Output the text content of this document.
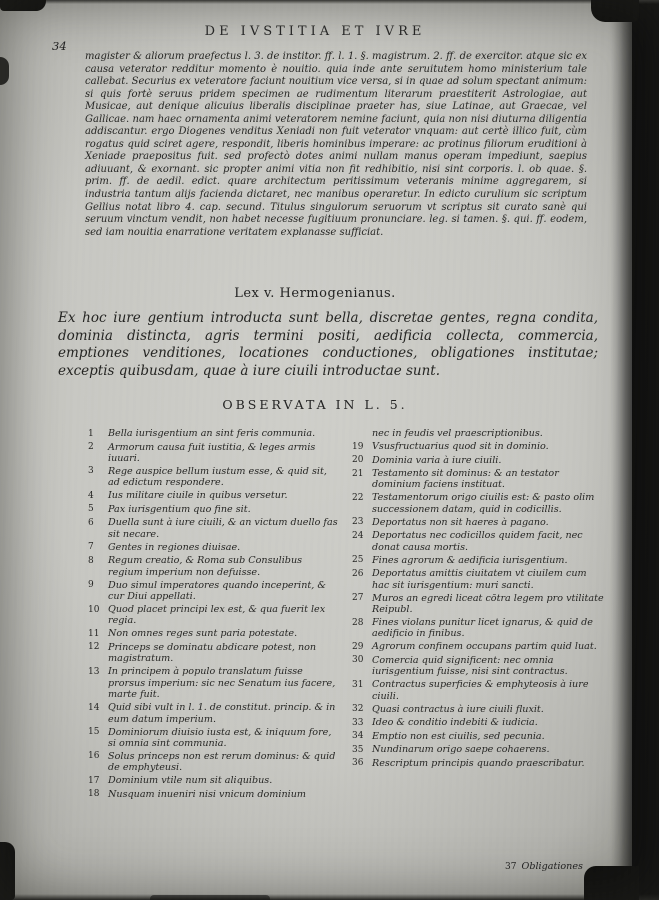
DE IVSTITIA ET IVRE
34
magister & aliorum praefectus l. 3. de institor. ff. l. 1. §. magistrum. 2. ff. de exercitor. atque sic ex causa veterator redditur momento è nouitio. quia inde ante seruitutem homo ministerium tale callebat. Securius ex veteratore faciunt nouitium vice versa, si in quae ad solum spectant animum: si quis fortè seruus pridem specimen ae rudimentum literarum praestiterit Astrologiae, aut Musicae, aut denique alicuius liberalis disciplinae praeter has, siue Latinae, aut Graecae, vel Gallicae. nam haec ornamenta animi veteratorem nemine faciunt, quia non nisi diuturna diligentia addiscantur. ergo Diogenes venditus Xeniadi non fuit veterator vnquam: aut certè illico fuit, cùm rogatus quid sciret agere, respondit, liberis hominibus imperare: ac protinus filiorum eruditioni à Xeniade praepositus fuit. sed profectò dotes animi nullam manus operam impediunt, saepius adiuuant, & exornant. sic propter animi vitia non fit redhibitio, nisi sint corporis. l. ob quae. §. prim. ff. de aedil. edict. quare architectum peritissimum veteranis minime aggregarem, si industria tantum alijs facienda dictaret, nec manibus operaretur. In edicto curulium sic scriptum Gellius notat libro 4. cap. secund. Titulus singulorum seruorum vt scriptus sit curato sanè qui seruum vinctum vendit, non habet necesse fugitiuum pronunciare. leg. si tamen. §. qui. ff. eodem, sed iam nouitia enarratione veritatem explanasse sufficiat.
Lex v. Hermogenianus.
Ex hoc iure gentium introducta sunt bella, discretae gentes, regna condita, dominia distincta, agris termini positi, aedificia collecta, commercia, emptiones venditiones, locationes conductiones, obligationes institutae; exceptis quibusdam, quae à iure ciuili introductae sunt.
OBSERVATA IN L. 5.
1	Bella iurisgentium an sint feris communia.
2	Armorum causa fuit iustitia, & leges armis iuuari.
3	Rege auspice bellum iustum esse, & quid sit, ad edictum respondere.
4	Ius militare ciuile in quibus versetur.
5	Pax iurisgentium quo fine sit.
6	Duella sunt à iure ciuili, & an victum duello fas sit necare.
7	Gentes in regiones diuisae.
8	Regum creatio, & Roma sub Consulibus regium imperium non defuisse.
9	Duo simul imperatores quando inceperint, & cur Diui appellati.
10 Quod placet principi lex est, & qua fuerit lex regia.
11 Non omnes reges sunt paria potestate.
12 Princeps se dominatu abdicare potest, non magistratum.
13 In principem à populo translatum fuisse prorsus imperium: sic nec Senatum ius facere, marte fuit.
14 Quid sibi vult in l. 1. de constitut. princip. & in eum datum imperium.
15 Dominiorum diuisio iusta est, & iniquum fore, si omnia sint communia.
16 Solus princeps non est rerum dominus: & quid de emphyteusi.
17 Dominium vtile num sit aliquibus.
18 Nusquam inueniri nisi vnicum dominium
nec in feudis vel praescriptionibus.
19 Vsusfructuarius quod sit in dominio.
20 Dominia varia à iure ciuili.
21 Testamento sit dominus: & an testator dominium faciens instituat.
22 Testamentorum origo ciuilis est: & pasto olim successionem datam, quid in codicillis.
23 Deportatus non sit haeres à pagano.
24 Deportatus nec codicillos quidem facit, nec donat causa mortis.
25 Fines agrorum & aedificia iurisgentium.
26 Deportatus amittis ciuitatem vt ciuilem cum hac sit iurisgentium: muri sancti.
27 Muros an egredi liceat cōtra legem pro vtilitate Reipubl.
28 Fines violans punitur licet ignarus, & quid de aedificio in finibus.
29 Agrorum confinem occupans partim quid luat.
30 Comercia quid significent: nec omnia iurisgentium fuisse, nisi sint contractus.
31 Contractus superficies & emphyteosis à iure ciuili.
32 Quasi contractus à iure ciuili fluxit.
33 Ideo & conditio indebiti & iudicia.
34 Emptio non est ciuilis, sed pecunia.
35 Nundinarum origo saepe cohaerens.
36 Rescriptum principis quando praescribatur.
37 Obligationes
